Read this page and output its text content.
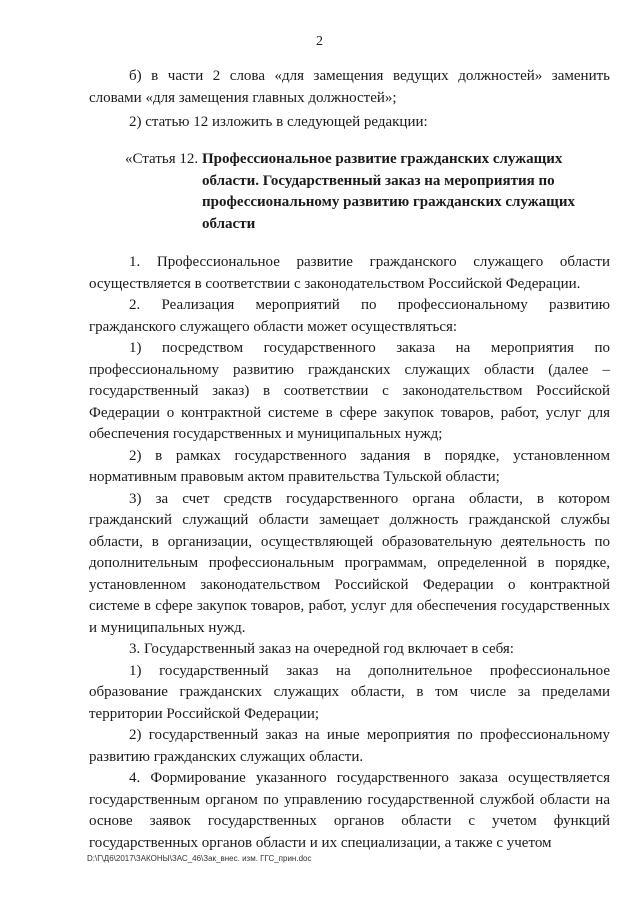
2

б) в части 2 слова «для замещения ведущих должностей» заменить словами «для замещения главных должностей»;

2) статью 12 изложить в следующей редакции:

«Статья 12. Профессиональное развитие гражданских служащих области. Государственный заказ на мероприятия по профессиональному развитию гражданских служащих области

1. Профессиональное развитие гражданского служащего области осуществляется в соответствии с законодательством Российской Федерации.

2. Реализация мероприятий по профессиональному развитию гражданского служащего области может осуществляться:

1) посредством государственного заказа на мероприятия по профессиональному развитию гражданских служащих области (далее – государственный заказ) в соответствии с законодательством Российской Федерации о контрактной системе в сфере закупок товаров, работ, услуг для обеспечения государственных и муниципальных нужд;

2) в рамках государственного задания в порядке, установленном нормативным правовым актом правительства Тульской области;

3) за счет средств государственного органа области, в котором гражданский служащий области замещает должность гражданской службы области, в организации, осуществляющей образовательную деятельность по дополнительным профессиональным программам, определенной в порядке, установленном законодательством Российской Федерации о контрактной системе в сфере закупок товаров, работ, услуг для обеспечения государственных и муниципальных нужд.

3. Государственный заказ на очередной год включает в себя:

1) государственный заказ на дополнительное профессиональное образование гражданских служащих области, в том числе за пределами территории Российской Федерации;

2) государственный заказ на иные мероприятия по профессиональному развитию гражданских служащих области.

4. Формирование указанного государственного заказа осуществляется государственным органом по управлению государственной службой области на основе заявок государственных органов области с учетом функций государственных органов области и их специализации, а также с учетом

D:\Г\Д6\2017\ЗАКОНЫ\ЗАС_46\Зак_внес. изм. ГГС_прин.doc
